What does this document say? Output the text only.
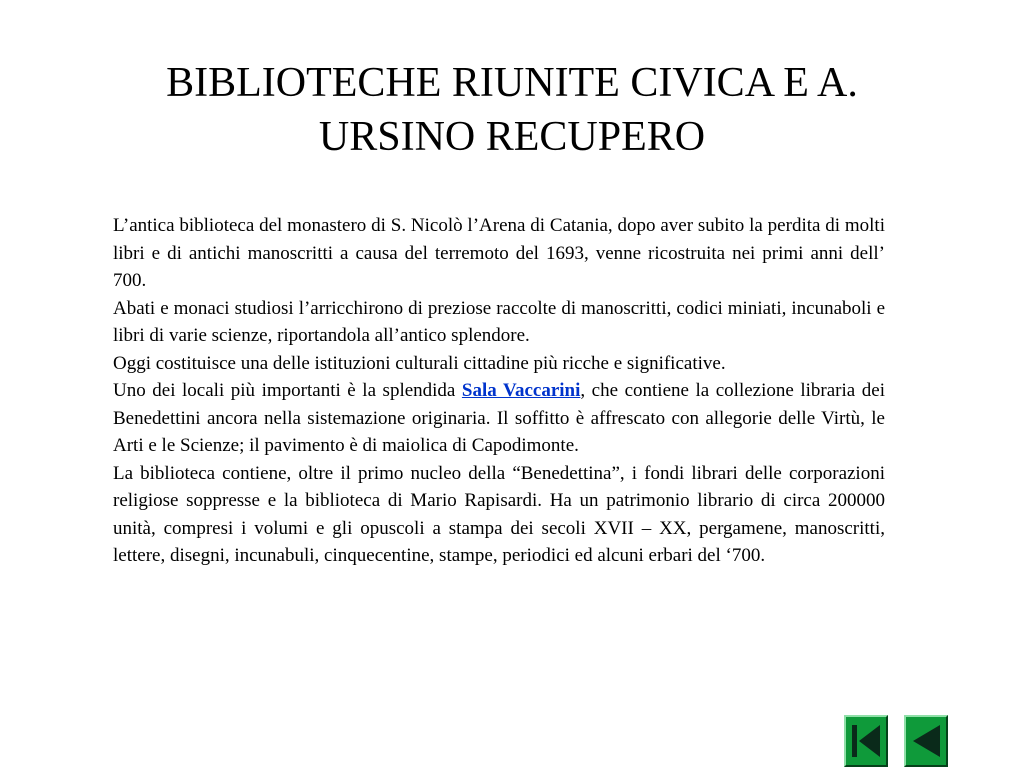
BIBLIOTECHE RIUNITE CIVICA E A.
URSINO RECUPERO

L’antica biblioteca del monastero di S. Nicolò l’Arena di Catania, dopo aver subito la perdita di molti libri e di antichi manoscritti a causa del terremoto del 1693, venne ricostruita nei primi anni dell’ 700.

Abati e monaci studiosi l’arricchirono di preziose raccolte di manoscritti, codici miniati, incunaboli e libri di varie scienze, riportandola all’antico splendore.

Oggi costituisce una delle istituzioni culturali cittadine più ricche e significative.

Uno dei locali più importanti è la splendida Sala Vaccarini, che contiene la collezione libraria dei Benedettini ancora nella sistemazione originaria. Il soffitto è affrescato con allegorie delle Virtù, le Arti e le Scienze; il pavimento è di maiolica di Capodimonte.

La biblioteca contiene, oltre il primo nucleo della “Benedettina”, i fondi librari delle corporazioni religiose soppresse e la biblioteca di Mario Rapisardi. Ha un patrimonio librario di circa 200000 unità, compresi i volumi e gli opuscoli a stampa dei secoli XVII – XX, pergamene, manoscritti, lettere, disegni, incunabuli, cinquecentine, stampe, periodici ed alcuni erbari del ‘700.
